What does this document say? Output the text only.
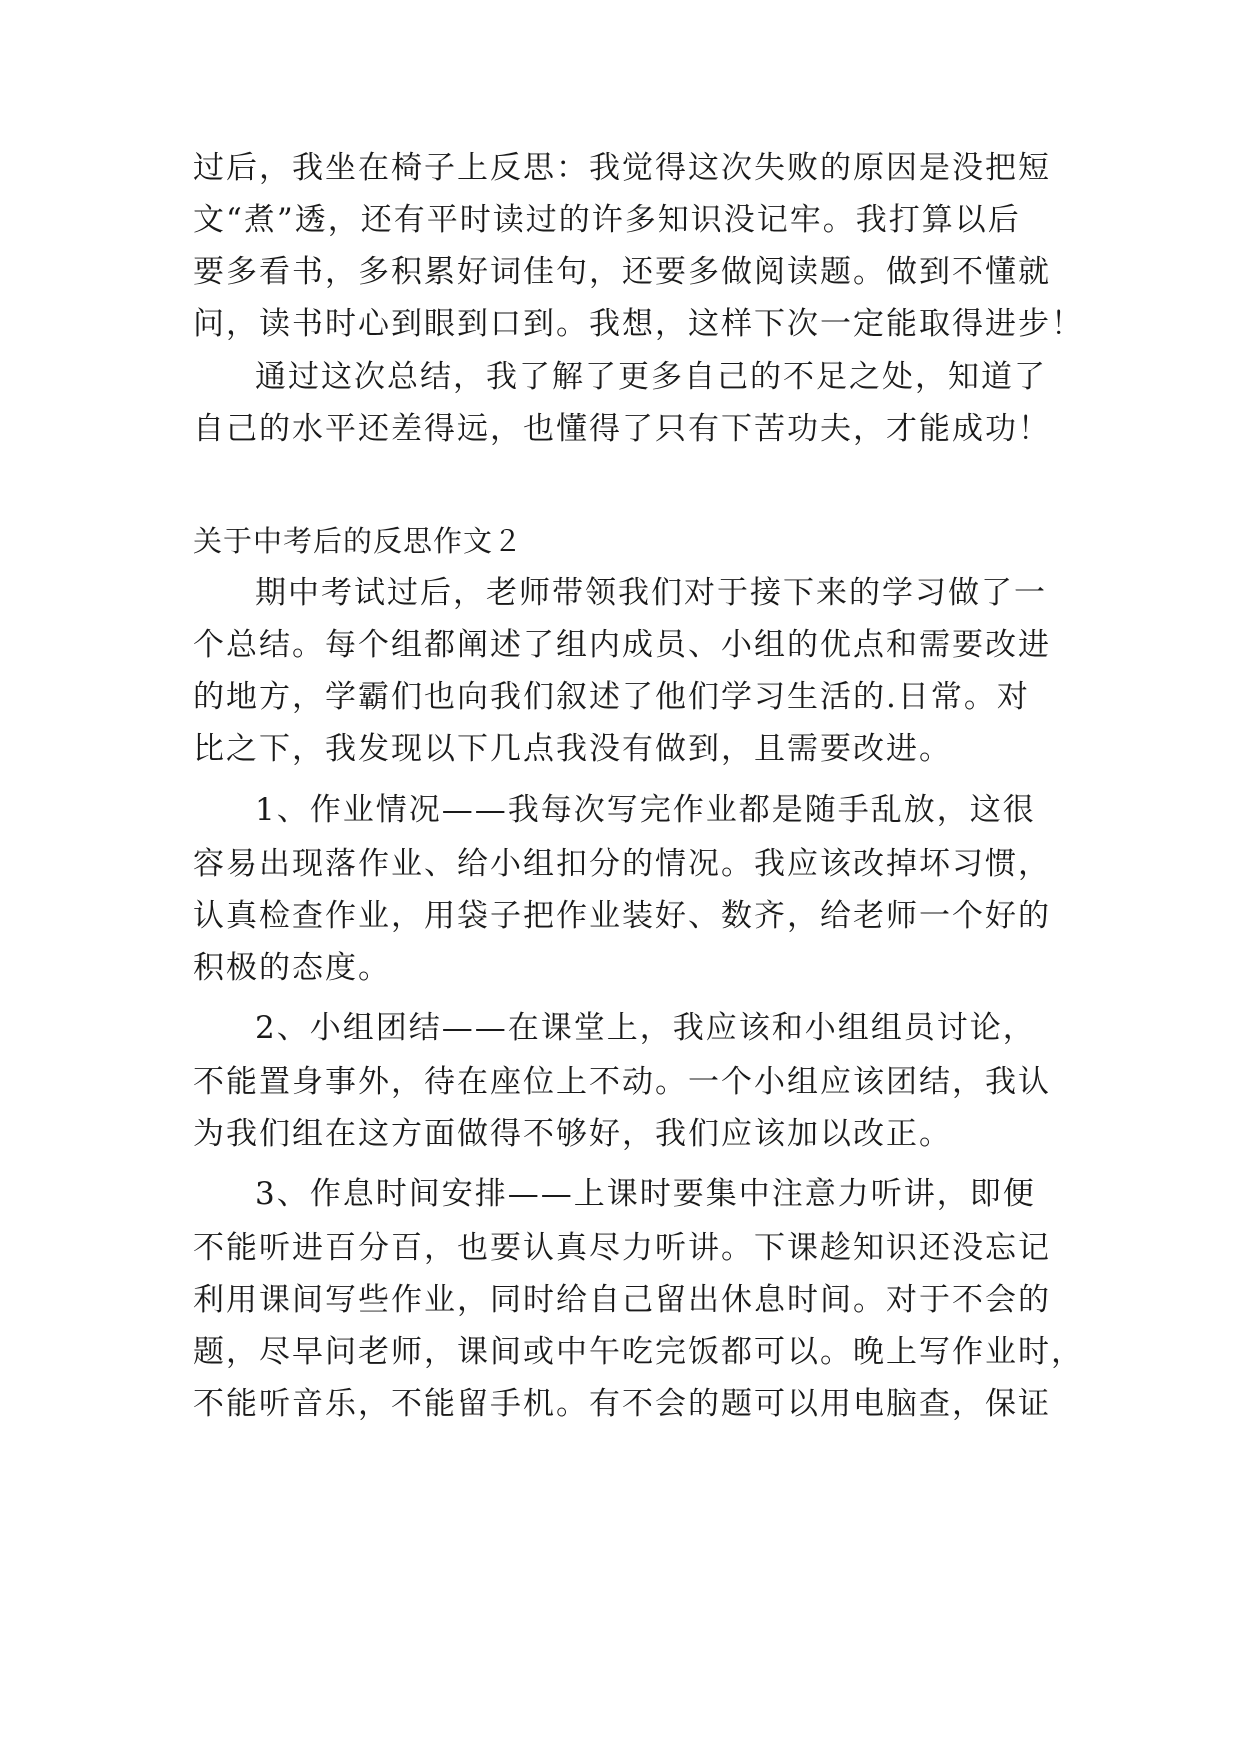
过后，我坐在椅子上反思：我觉得这次失败的原因是没把短
文“煮”透，还有平时读过的许多知识没记牢。我打算以后
要多看书，多积累好词佳句，还要多做阅读题。做到不懂就
问，读书时心到眼到口到。我想，这样下次一定能取得进步！
通过这次总结，我了解了更多自己的不足之处，知道了
自己的水平还差得远，也懂得了只有下苦功夫，才能成功！
关于中考后的反思作文２
期中考试过后，老师带领我们对于接下来的学习做了一
个总结。每个组都阐述了组内成员、小组的优点和需要改进
的地方，学霸们也向我们叙述了他们学习生活的.日常。对
比之下，我发现以下几点我没有做到，且需要改进。
1、作业情况——我每次写完作业都是随手乱放，这很
容易出现落作业、给小组扣分的情况。我应该改掉坏习惯，
认真检查作业，用袋子把作业装好、数齐，给老师一个好的
积极的态度。
2、小组团结——在课堂上，我应该和小组组员讨论，
不能置身事外，待在座位上不动。一个小组应该团结，我认
为我们组在这方面做得不够好，我们应该加以改正。
3、作息时间安排——上课时要集中注意力听讲，即便
不能听进百分百，也要认真尽力听讲。下课趁知识还没忘记
利用课间写些作业，同时给自己留出休息时间。对于不会的
题，尽早问老师，课间或中午吃完饭都可以。晚上写作业时，
不能听音乐，不能留手机。有不会的题可以用电脑查，保证
